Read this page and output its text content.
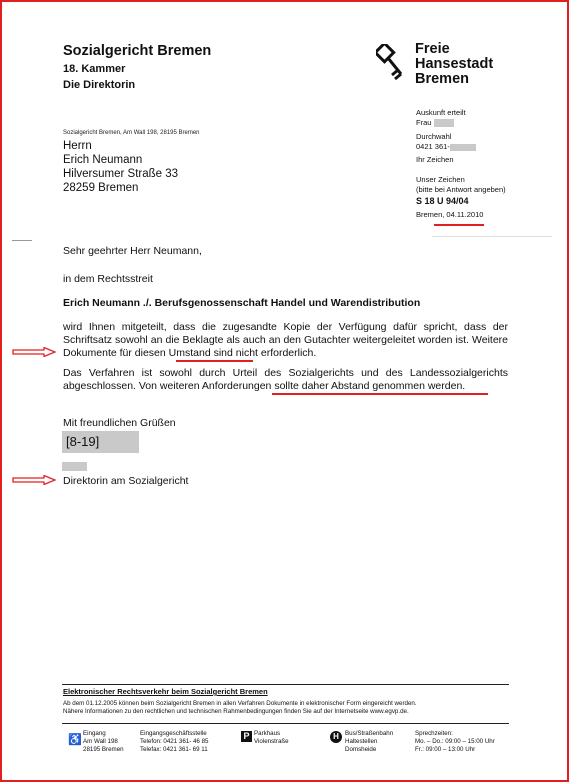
Sozialgericht Bremen
18. Kammer
Die Direktorin
Freie
Hansestadt
Bremen
Sozialgericht Bremen, Am Wall 198, 28195 Bremen
Herrn
Erich Neumann
Hilversumer Straße 33
28259 Bremen
Auskunft erteilt
Frau
Durchwahl
0421 361-
Ihr Zeichen
Unser Zeichen
(bitte bei Antwort angeben)
S 18 U 94/04
Bremen, 04.11.2010
Sehr geehrter Herr Neumann,
in dem Rechtsstreit
Erich Neumann ./. Berufsgenossenschaft Handel und Warendistribution
wird Ihnen mitgeteilt, dass die zugesandte Kopie der Verfügung dafür spricht, dass der Schriftsatz sowohl an die Beklagte als auch an den Gutachter weitergeleitet worden ist. Weitere Dokumente für diesen Umstand sind nicht erforderlich.
Das Verfahren ist sowohl durch Urteil des Sozialgerichts und des Landessozialgerichts abgeschlossen. Von weiteren Anforderungen sollte daher Abstand genommen werden.
Mit freundlichen Grüßen
[8-19]
Direktorin am Sozialgericht
Elektronischer Rechtsverkehr beim Sozialgericht Bremen
Ab dem 01.12.2005 können beim Sozialgericht Bremen in allen Verfahren Dokumente in elektronischer Form eingereicht werden.
Nähere Informationen zu den rechtlichen und technischen Rahmenbedingungen finden Sie auf der Internetseite www.egvp.de.
♿
Eingang
Am Wall 198
28195 Bremen
Eingangsgeschäftsstelle
Telefon: 0421 361- 46 85
Telefax: 0421 361- 69 11
P Parkhaus
Violenstraße
H Bus/Straßenbahn
Haltestellen
Domsheide
Sprechzeiten:
Mo. – Do.: 09:00 – 15:00 Uhr
Fr.: 09:00 – 13:00 Uhr
